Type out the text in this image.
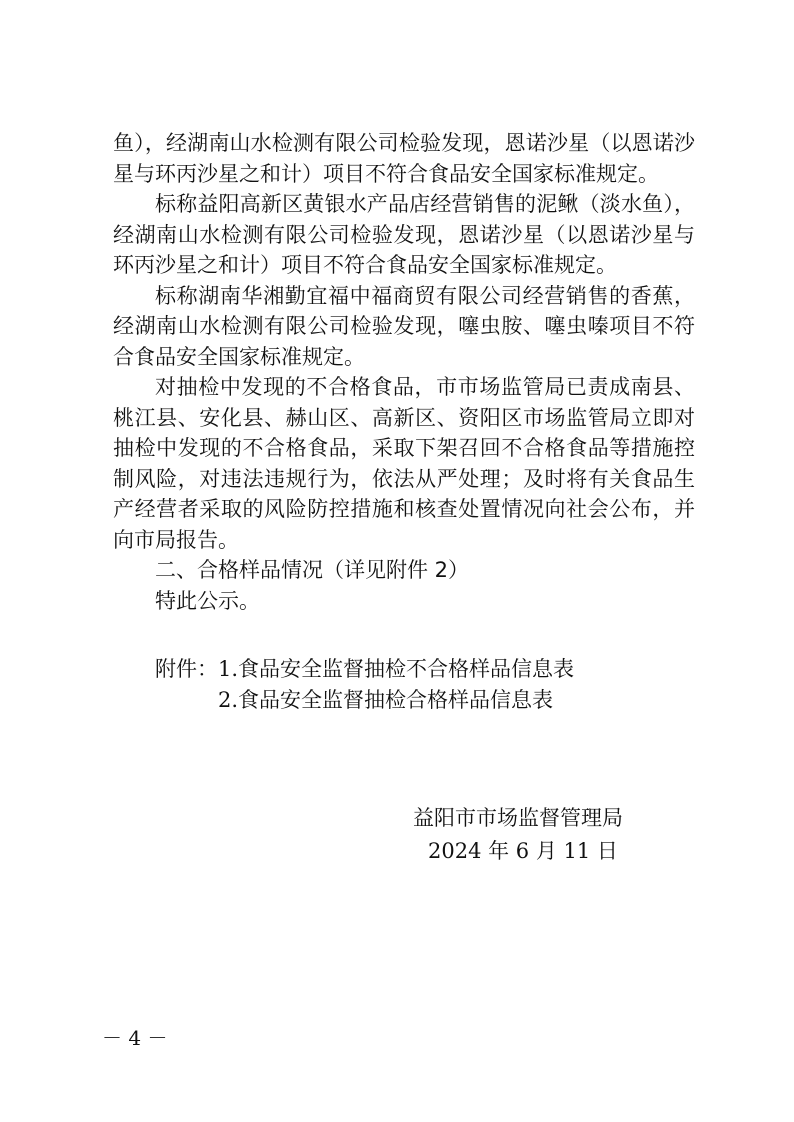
鱼），经湖南山水检测有限公司检验发现，恩诺沙星（以恩诺沙星与环丙沙星之和计）项目不符合食品安全国家标准规定。

标称益阳高新区黄银水产品店经营销售的泥鳅（淡水鱼），经湖南山水检测有限公司检验发现，恩诺沙星（以恩诺沙星与环丙沙星之和计）项目不符合食品安全国家标准规定。

标称湖南华湘勤宜福中福商贸有限公司经营销售的香蕉，经湖南山水检测有限公司检验发现，噻虫胺、噻虫嗪项目不符合食品安全国家标准规定。

对抽检中发现的不合格食品，市市场监管局已责成南县、桃江县、安化县、赫山区、高新区、资阳区市场监管局立即对抽检中发现的不合格食品，采取下架召回不合格食品等措施控制风险，对违法违规行为，依法从严处理；及时将有关食品生产经营者采取的风险防控措施和核查处置情况向社会公布，并向市局报告。

二、合格样品情况（详见附件 2）

特此公示。

附件：1.食品安全监督抽检不合格样品信息表
2.食品安全监督抽检合格样品信息表
益阳市市场监督管理局
2024 年 6 月 11 日
－ 4 －
